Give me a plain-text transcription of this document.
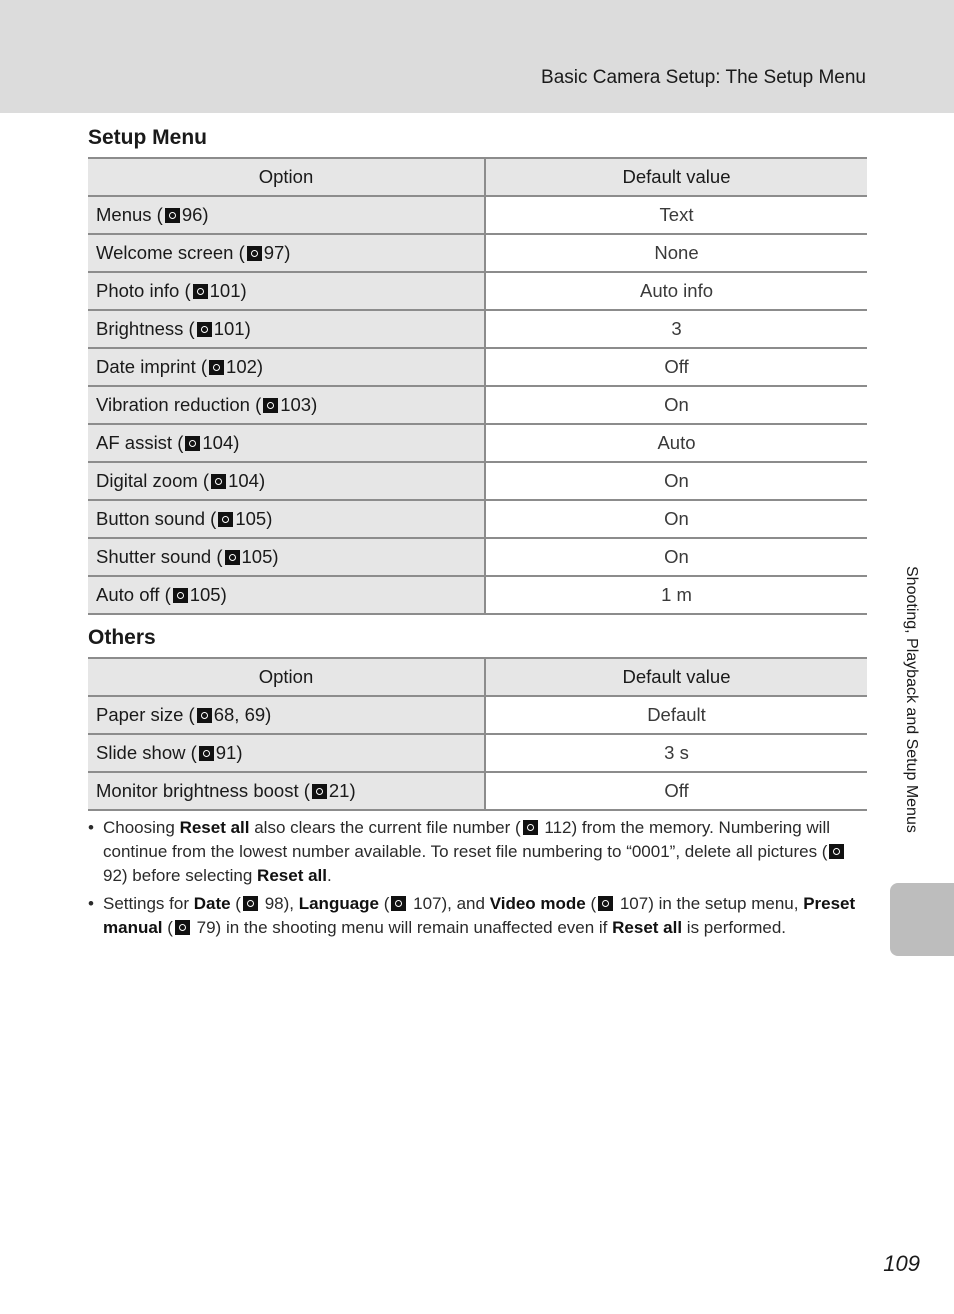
Basic Camera Setup: The Setup Menu
Setup Menu
Option	Default value
Menus ( 96)	Text
Welcome screen ( 97)	None
Photo info ( 101)	Auto info
Brightness ( 101)	3
Date imprint ( 102)	Off
Vibration reduction ( 103)	On
AF assist ( 104)	Auto
Digital zoom ( 104)	On
Button sound ( 105)	On
Shutter sound ( 105)	On
Auto off ( 105)	1 m
Others
Option	Default value
Paper size ( 68, 69)	Default
Slide show ( 91)	3 s
Monitor brightness boost ( 21)	Off
• Choosing Reset all also clears the current file number ( 112) from the memory. Numbering will continue from the lowest number available. To reset file numbering to “0001”, delete all pictures ( 92) before selecting Reset all.
• Settings for Date ( 98), Language ( 107), and Video mode ( 107) in the setup menu, Preset manual ( 79) in the shooting menu will remain unaffected even if Reset all is performed.
Shooting, Playback and Setup Menus
109
